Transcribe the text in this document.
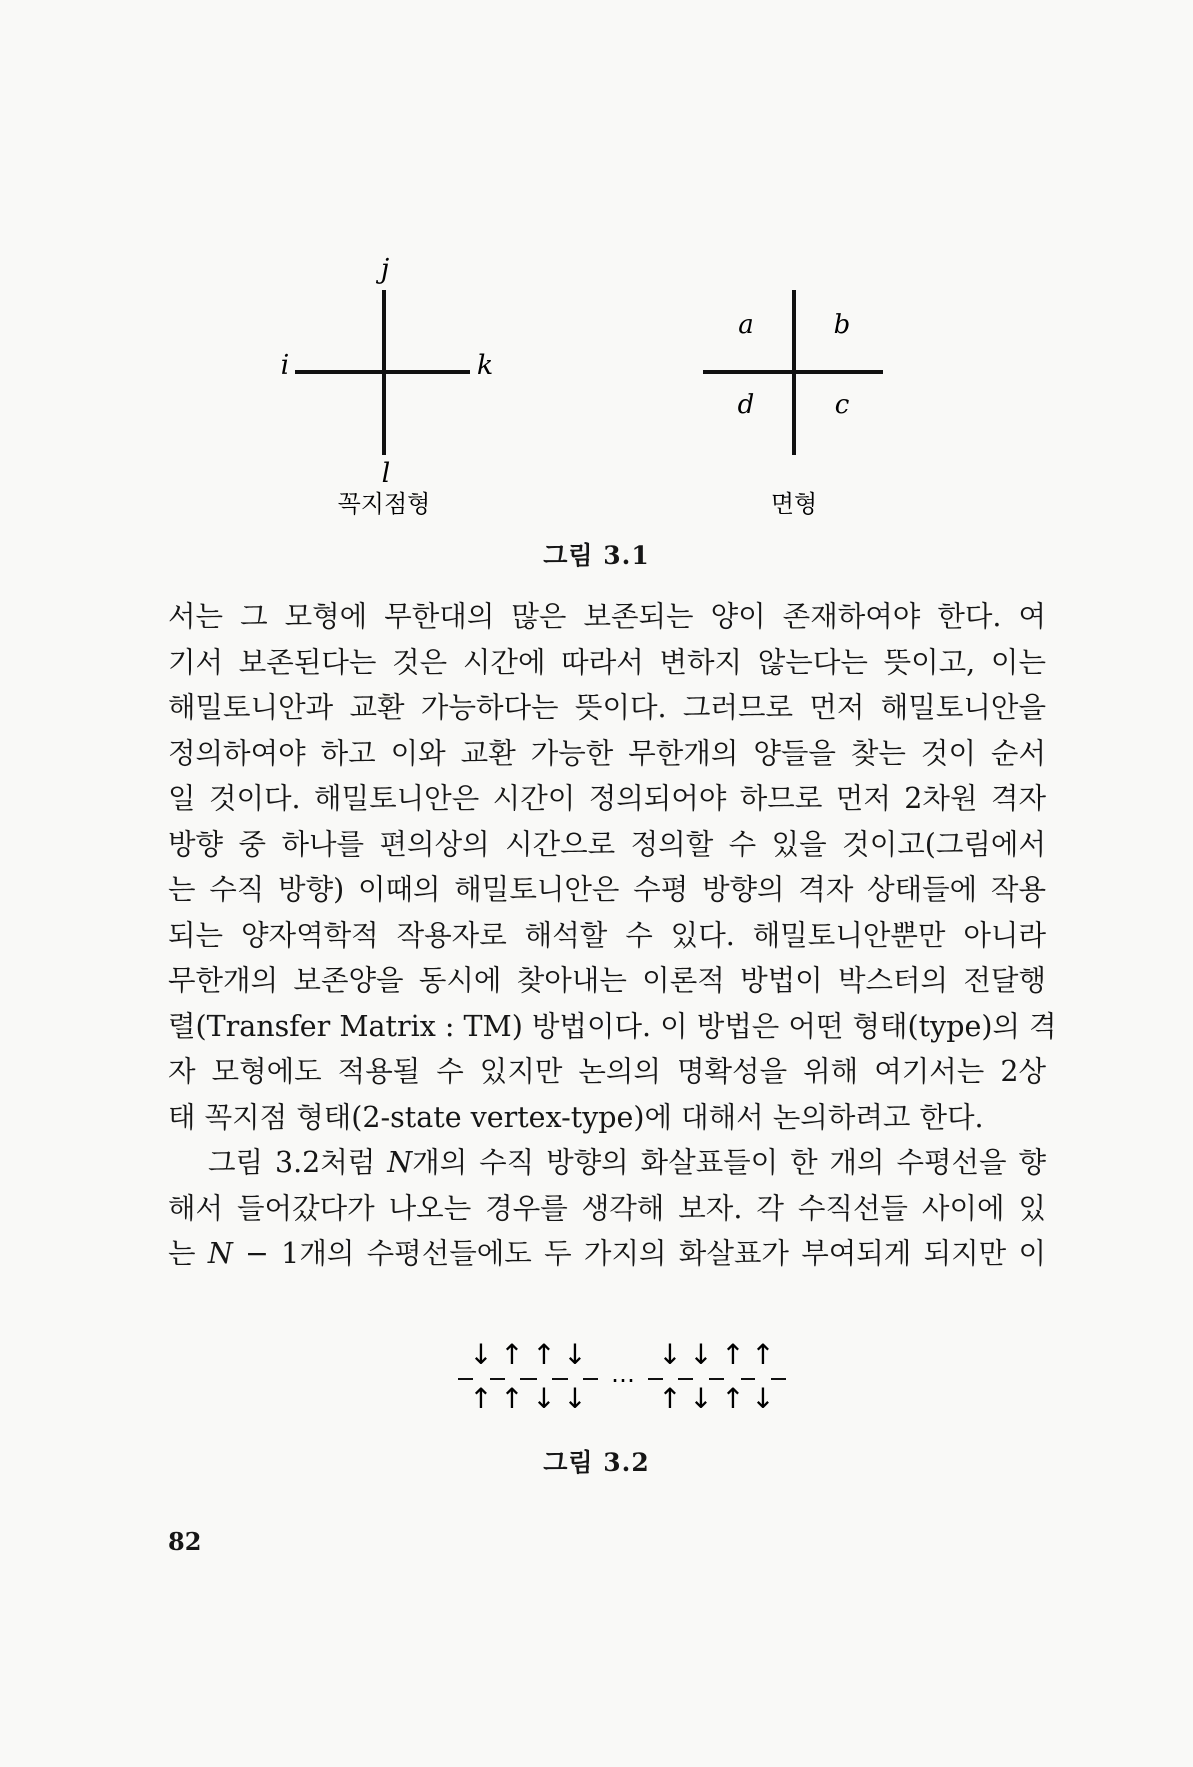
j
i	k
l
꼭지점형
a	b
d	c
면형
↓ ↑ ↑ ↓	↓ ↓ ↑ ↑
↑ ↑ ↓ ↓	↑ ↓ ↑ ↓
…
그림 3.1
서는 그 모형에 무한대의 많은 보존되는 양이 존재하여야 한다. 여
기서 보존된다는 것은 시간에 따라서 변하지 않는다는 뜻이고, 이는
해밀토니안과 교환 가능하다는 뜻이다. 그러므로 먼저 해밀토니안을
정의하여야 하고 이와 교환 가능한 무한개의 양들을 찾는 것이 순서
일 것이다. 해밀토니안은 시간이 정의되어야 하므로 먼저 2차원 격자
방향 중 하나를 편의상의 시간으로 정의할 수 있을 것이고(그림에서
는 수직 방향) 이때의 해밀토니안은 수평 방향의 격자 상태들에 작용
되는 양자역학적 작용자로 해석할 수 있다. 해밀토니안뿐만 아니라
무한개의 보존양을 동시에 찾아내는 이론적 방법이 박스터의 전달행
렬(Transfer Matrix : TM) 방법이다. 이 방법은 어떤 형태(type)의 격
자 모형에도 적용될 수 있지만 논의의 명확성을 위해 여기서는 2상
태 꼭지점 형태(2-state vertex-type)에 대해서 논의하려고 한다.
그림 3.2처럼 N개의 수직 방향의 화살표들이 한 개의 수평선을 향
해서 들어갔다가 나오는 경우를 생각해 보자. 각 수직선들 사이에 있
는 N − 1개의 수평선들에도 두 가지의 화살표가 부여되게 되지만 이
그림 3.2
82
